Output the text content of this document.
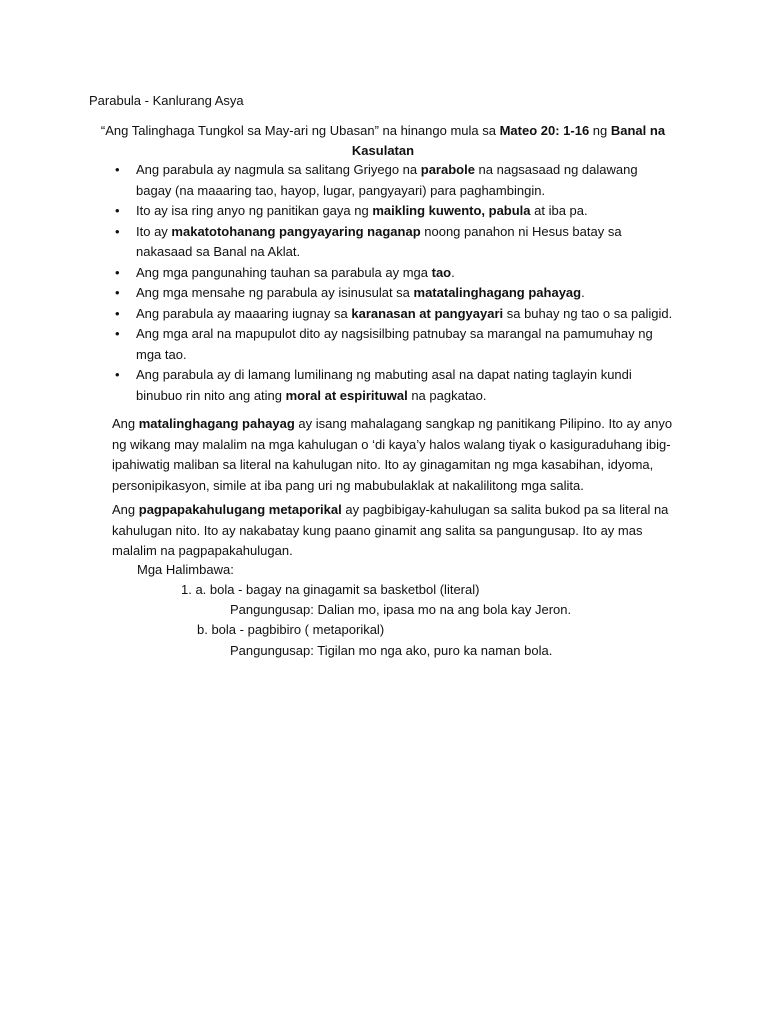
Parabula - Kanlurang Asya
“Ang Talinghaga Tungkol sa May-ari ng Ubasan” na hinango mula sa Mateo 20: 1-16 ng Banal na Kasulatan
• Ang parabula ay nagmula sa salitang Griyego na parabole na nagsasaad ng dalawang bagay (na maaaring tao, hayop, lugar, pangyayari) para paghambingin.
• Ito ay isa ring anyo ng panitikan gaya ng maikling kuwento, pabula at iba pa.
• Ito ay makatotohanang pangyayaring naganap noong panahon ni Hesus batay sa nakasaad sa Banal na Aklat.
• Ang mga pangunahing tauhan sa parabula ay mga tao.
• Ang mga mensahe ng parabula ay isinusulat sa matatalinghagang pahayag.
• Ang parabula ay maaaring iugnay sa karanasan at pangyayari sa buhay ng tao o sa paligid.
• Ang mga aral na mapupulot dito ay nagsisilbing patnubay sa marangal na pamumuhay ng mga tao.
• Ang parabula ay di lamang lumilinang ng mabuting asal na dapat nating taglayin kundi binubuo rin nito ang ating moral at espirituwal na pagkatao.

Ang matalinghagang pahayag ay isang mahalagang sangkap ng panitikang Pilipino. Ito ay anyo ng wikang may malalim na mga kahulugan o ‘di kaya’y halos walang tiyak o kasiguraduhang ibig-ipahiwatig maliban sa literal na kahulugan nito. Ito ay ginagamitan ng mga kasabihan, idyoma, personipikasyon, simile at iba pang uri ng mabubulaklak at nakalilitong mga salita.

Ang pagpapakahulugang metaporikal ay pagbibigay-kahulugan sa salita bukod pa sa literal na kahulugan nito. Ito ay nakabatay kung paano ginamit ang salita sa pangungusap. Ito ay mas malalim na pagpapakahulugan.

Mga Halimbawa:
1. a. bola - bagay na ginagamit sa basketbol (literal)
Pangungusap: Dalian mo, ipasa mo na ang bola kay Jeron.
b. bola - pagbibiro ( metaporikal)
Pangungusap: Tigilan mo nga ako, puro ka naman bola.
